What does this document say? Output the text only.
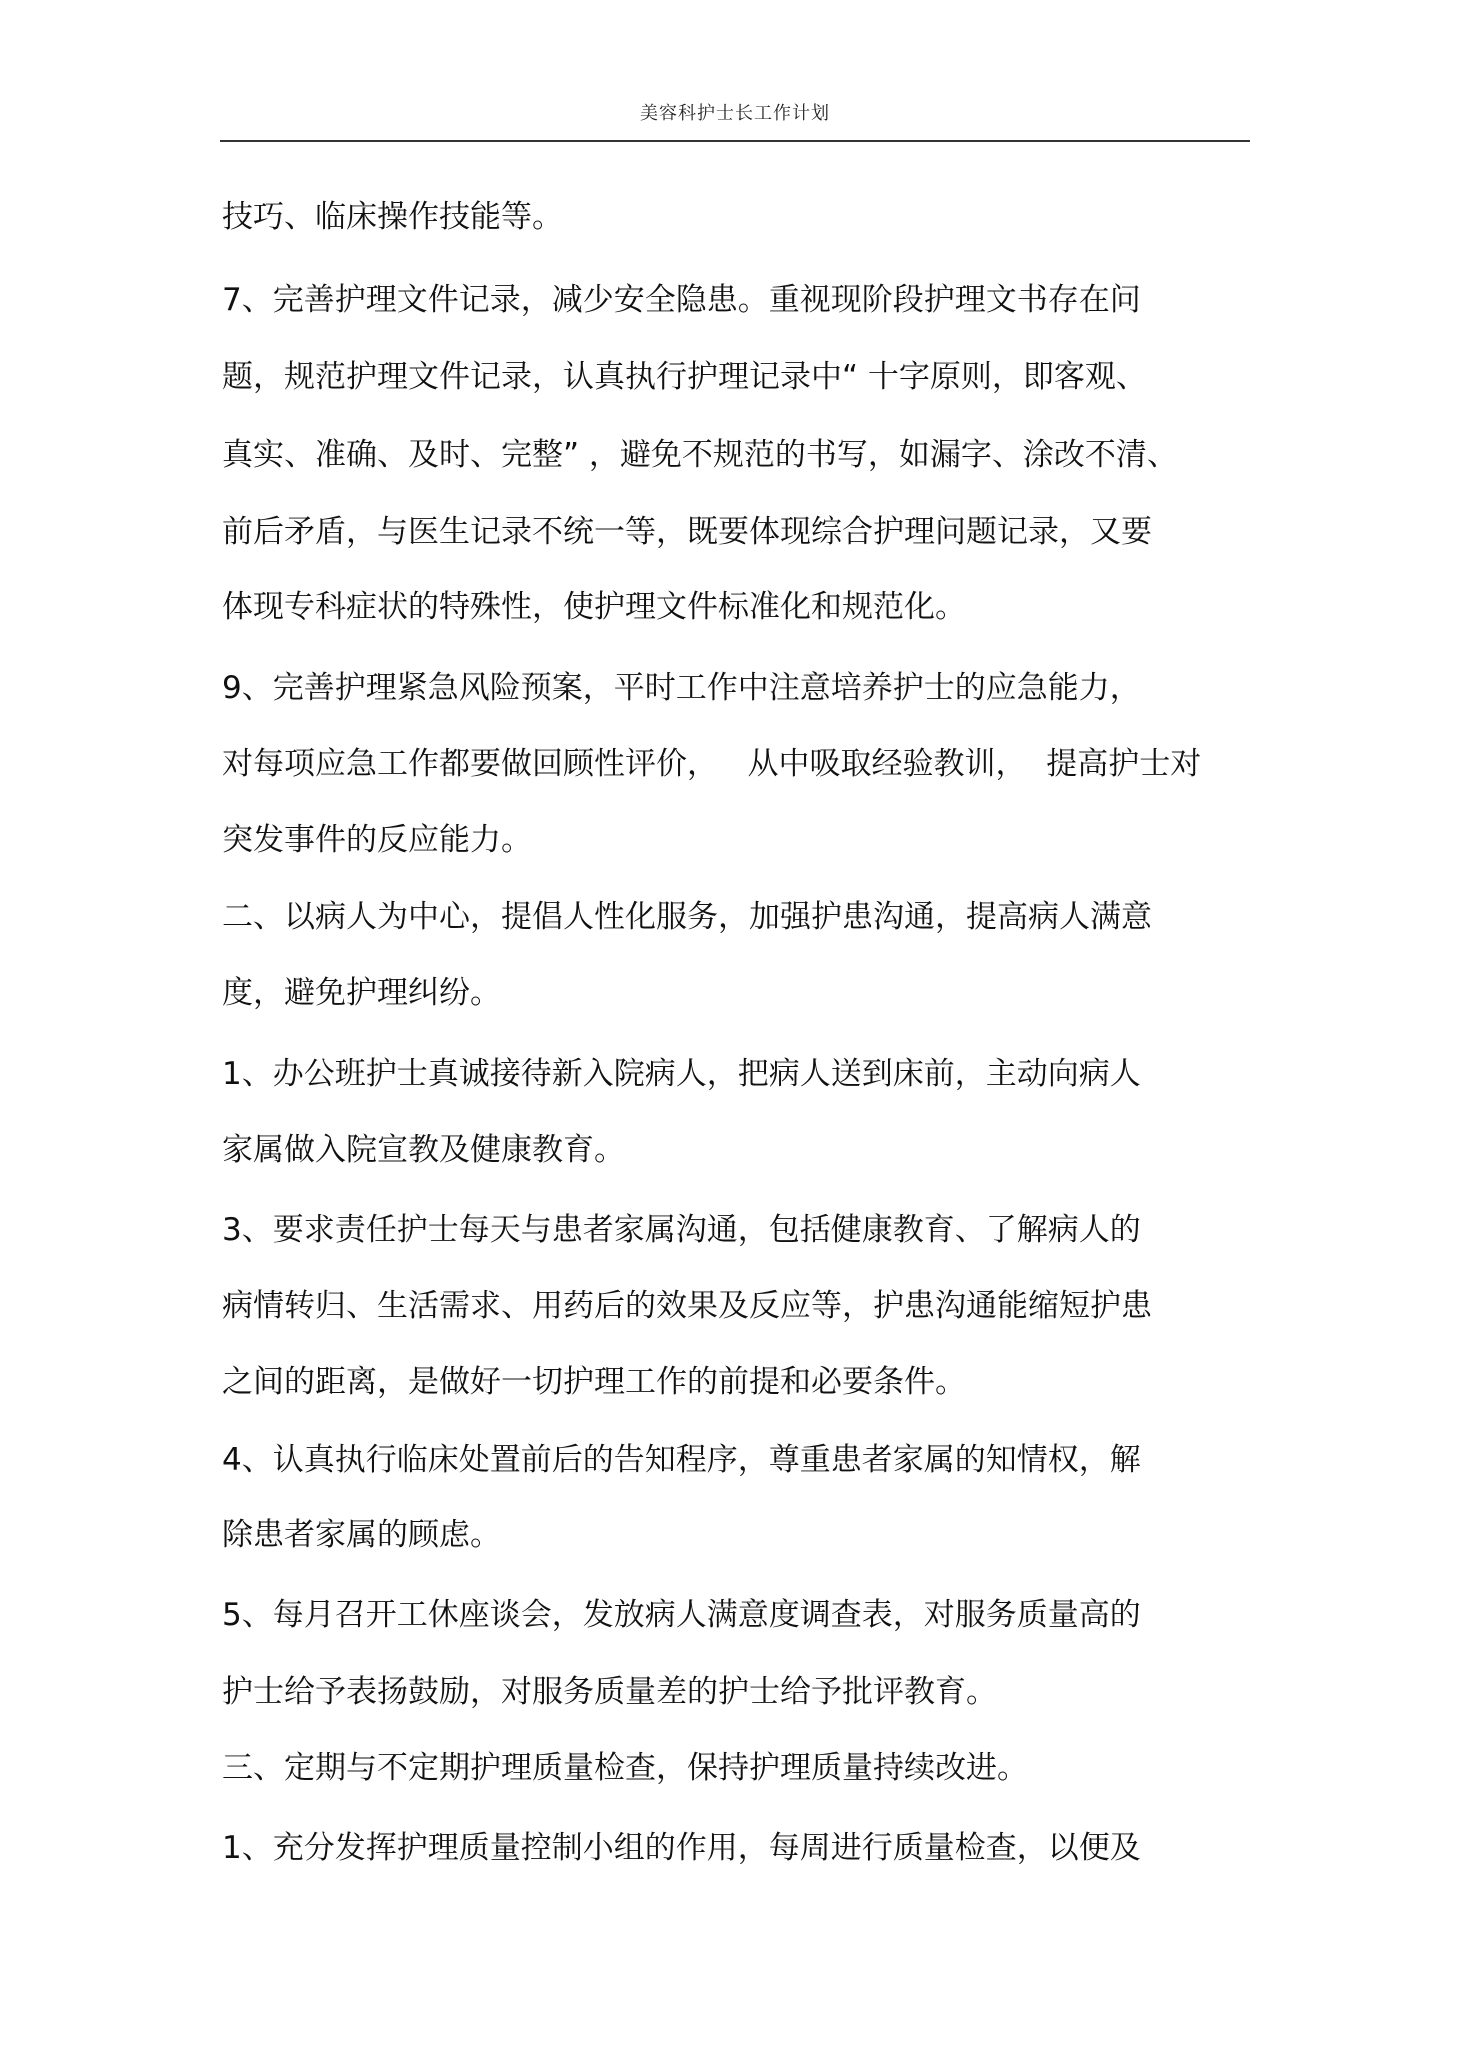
美容科护士长工作计划
技巧、临床操作技能等。
7、完善护理文件记录，减少安全隐患。重视现阶段护理文书存在问
题，规范护理文件记录，认真执行护理记录中“ 十字原则，即客观、
真实、准确、及时、完整” ，避免不规范的书写，如漏字、涂改不清、
前后矛盾，与医生记录不统一等，既要体现综合护理问题记录，又要
体现专科症状的特殊性，使护理文件标准化和规范化。
9、完善护理紧急风险预案，平时工作中注意培养护士的应急能力，
对每项应急工作都要做回顾性评价，   从中吸取经验教训，  提高护士对
突发事件的反应能力。
二、以病人为中心，提倡人性化服务，加强护患沟通，提高病人满意
度，避免护理纠纷。
1、办公班护士真诚接待新入院病人，把病人送到床前，主动向病人
家属做入院宣教及健康教育。
3、要求责任护士每天与患者家属沟通，包括健康教育、了解病人的
病情转归、生活需求、用药后的效果及反应等，护患沟通能缩短护患
之间的距离，是做好一切护理工作的前提和必要条件。
4、认真执行临床处置前后的告知程序，尊重患者家属的知情权，解
除患者家属的顾虑。
5、每月召开工休座谈会，发放病人满意度调查表，对服务质量高的
护士给予表扬鼓励，对服务质量差的护士给予批评教育。
三、定期与不定期护理质量检查，保持护理质量持续改进。
1、充分发挥护理质量控制小组的作用，每周进行质量检查，以便及
